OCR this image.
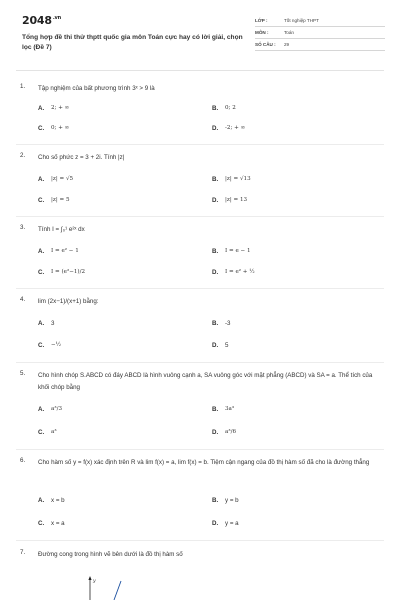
$2048^{.vn}$
Tổng hợp đề thi thử thptt quốc gia môn Toán cực hay có lời giải, chọn lọc (Đề 7)
LỚP :	Tốt nghiệp THPT
MÔN :	Toán
SỐ CÂU : 29
1.	Tập nghiệm của bất phương trình 3ˣ > 9 là
A. 2; + ∞	B. 0; 2
C. 0; + ∞	D. -2; + ∞
2.	Cho số phức z = 3 + 2i. Tính |z|
A. |z| = √5	B. |z| = √13
C. |z| = 5	D. |z| = 13
3.	Tính I = ∫₀¹ e²ˣ dx
A. I = e² − 1	B. I = e − 1
C. I = (e²−1)/2	D. I = e² + ½
4.	lim (2x−1)/(x+1) bằng:
A. 3	B. -3
C. −½	D. 5
5.	Cho hình chóp S.ABCD có đáy ABCD là hình vuông cạnh a, SA vuông góc với mặt phẳng (ABCD) và SA = a. Thể tích của khối chóp bằng
A. a³/3	B. 3a³
C. a³	D. a³/6
6.	Cho hàm số y = f(x) xác định trên R và lim f(x) = a, lim f(x) = b. Tiệm cận ngang của đồ thị hàm số đã cho là đường thẳng
A. x = b	B. y = b
C. x = a	D. y = a
7.	Đường cong trong hình vẽ bên dưới là đồ thị hàm số
y
